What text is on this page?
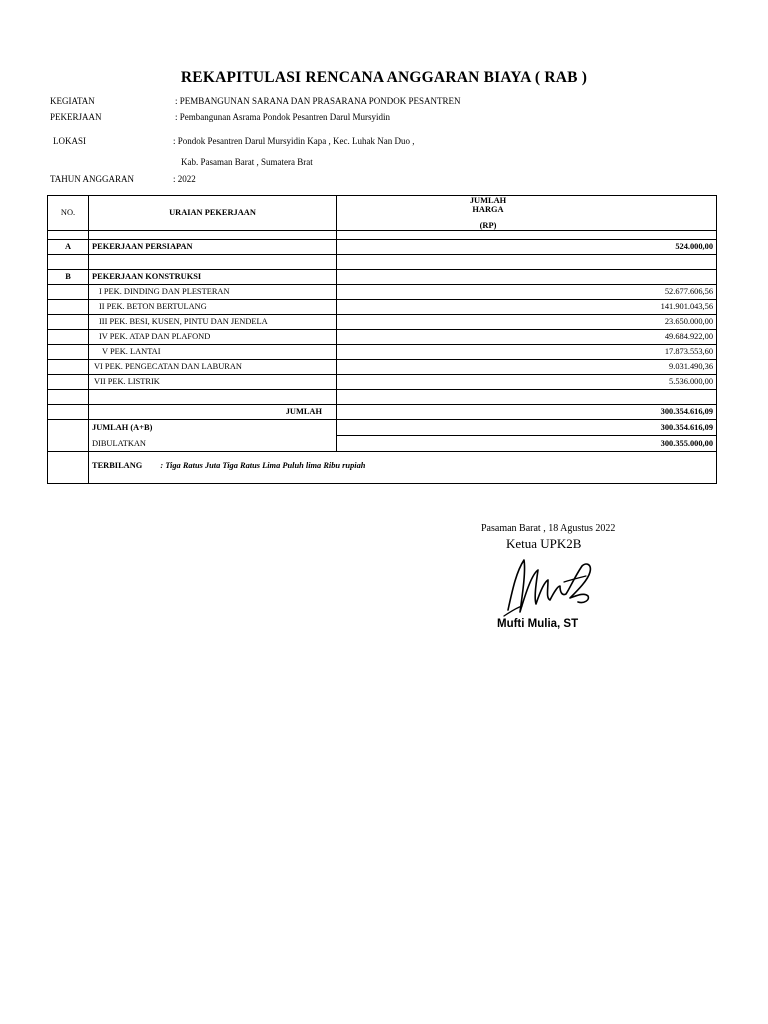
REKAPITULASI RENCANA ANGGARAN BIAYA ( RAB )
KEGIATAN	: PEMBANGUNAN SARANA DAN PRASARANA PONDOK PESANTREN
PEKERJAAN	: Pembangunan Asrama Pondok Pesantren Darul Mursyidin
LOKASI	: Pondok Pesantren Darul Mursyidin Kapa , Kec. Luhak Nan Duo ,
Kab. Pasaman Barat , Sumatera Brat
TAHUN ANGGARAN	: 2022
NO.	URAIAN PEKERJAAN	JUMLAH
HARGA
(RP)

A	PEKERJAAN PERSIAPAN	524.000,00

B	PEKERJAAN KONSTRUKSI	
	I PEK. DINDING DAN PLESTERAN	52.677.606,56
	II PEK. BETON BERTULANG	141.901.043,56
	III PEK. BESI, KUSEN, PINTU DAN JENDELA	23.650.000,00
	IV PEK. ATAP DAN PLAFOND	49.684.922,00
	V PEK. LANTAI	17.873.553,60
	VI PEK. PENGECATAN DAN LABURAN	9.031.490,36
	VII PEK. LISTRIK	5.536.000,00

	JUMLAH	300.354.616,09
	JUMLAH (A+B)	300.354.616,09
	DIBULATKAN	300.355.000,00
	TERBILANG : Tiga Ratus Juta Tiga Ratus Lima Puluh lima Ribu rupiah	
Pasaman Barat , 18 Agustus 2022
Ketua UPK2B
Mufti Mulia, ST
